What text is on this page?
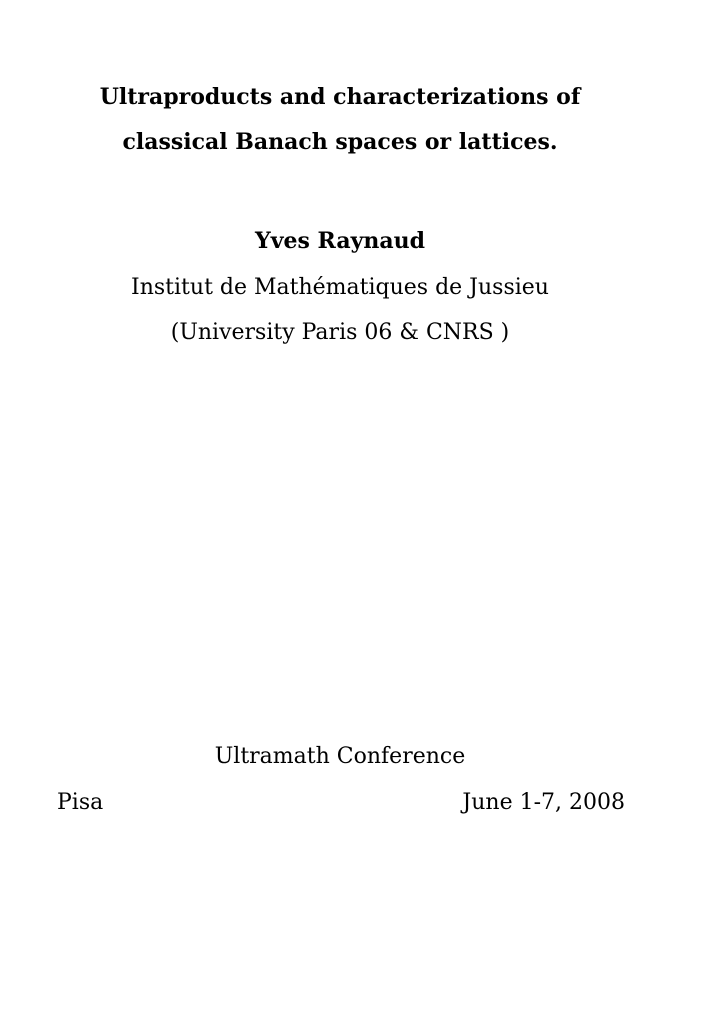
Ultraproducts and characterizations of
classical Banach spaces or lattices.
Yves Raynaud
Institut de Mathématiques de Jussieu
(University Paris 06 & CNRS )
Ultramath Conference
Pisa	June 1-7, 2008
